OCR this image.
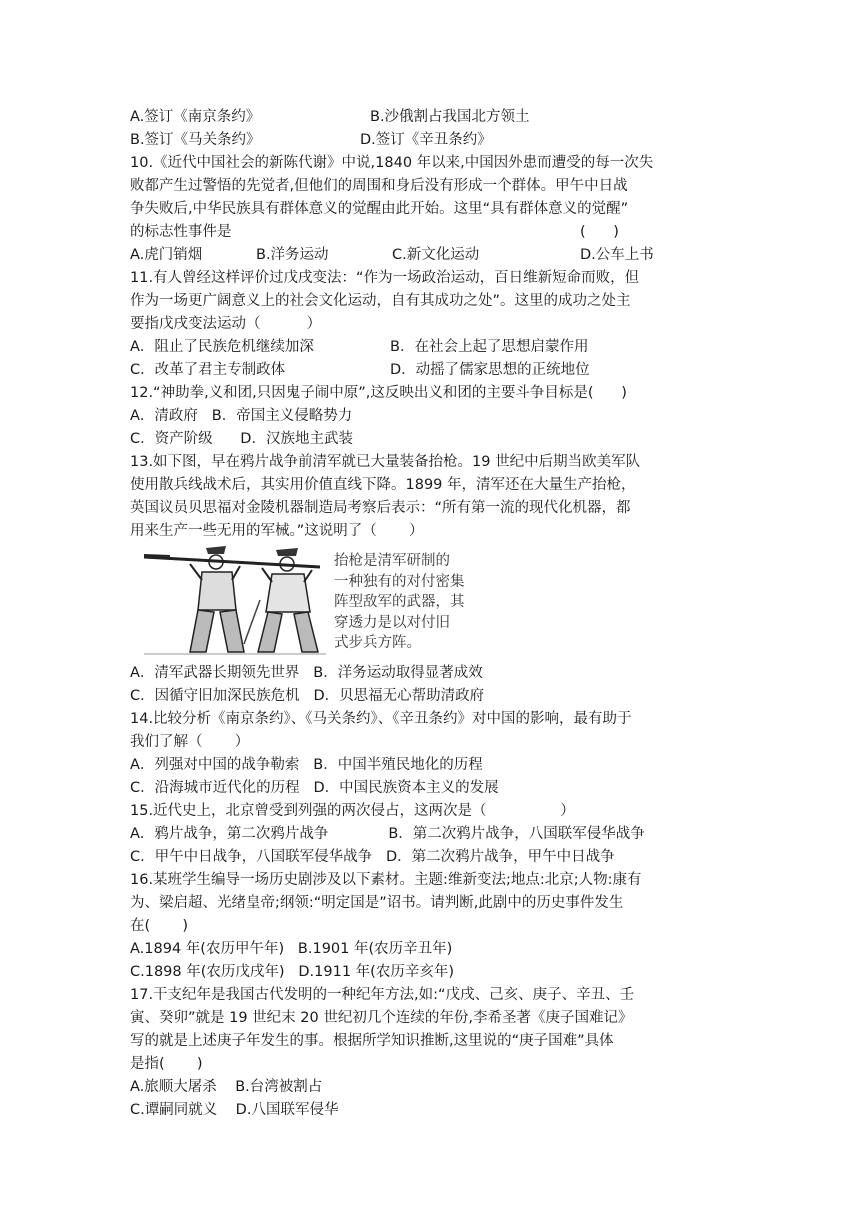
A.签订《南京条约》	B.沙俄割占我国北方领土
B.签订《马关条约》	D.签订《辛丑条约》
10.《近代中国社会的新陈代谢》中说,1840 年以来,中国因外患而遭受的每一次失
败都产生过警悟的先觉者,但他们的周围和身后没有形成一个群体。甲午中日战
争失败后,中华民族具有群体意义的觉醒由此开始。这里“具有群体意义的觉醒”
的标志性事件是	(      )
A.虎门销烟	B.洋务运动	C.新文化运动	D.公车上书
11.有人曾经这样评价过戊戌变法：“作为一场政治运动，百日维新短命而败，但
作为一场更广阔意义上的社会文化运动，自有其成功之处”。这里的成功之处主
要指戊戌变法运动（          ）
A．阻止了民族危机继续加深	B．在社会上起了思想启蒙作用
C．改革了君主专制政体	D．动摇了儒家思想的正统地位
12.“神助拳,义和团,只因鬼子闹中原”,这反映出义和团的主要斗争目标是(      )
A．清政府   B．帝国主义侵略势力
C．资产阶级      D．汉族地主武装
13.如下图，早在鸦片战争前清军就已大量装备抬枪。19 世纪中后期当欧美军队
使用散兵线战术后，其实用价值直线下降。1899 年，清军还在大量生产抬枪，
英国议员贝思福对金陵机器制造局考察后表示：“所有第一流的现代化机器，都
用来生产一些无用的军械。”这说明了（       ）
抬枪是清军研制的
一种独有的对付密集
阵型敌军的武器，其
穿透力是以对付旧
式步兵方阵。
A．清军武器长期领先世界   B．洋务运动取得显著成效
C．因循守旧加深民族危机   D．贝思福无心帮助清政府
14.比较分析《南京条约》、《马关条约》、《辛丑条约》对中国的影响，最有助于
我们了解（       ）
A．列强对中国的战争勒索   B．中国半殖民地化的历程
C．沿海城市近代化的历程   D．中国民族资本主义的发展
15.近代史上，北京曾受到列强的两次侵占，这两次是（                ）
A．鸦片战争，第二次鸦片战争             B．第二次鸦片战争，八国联军侵华战争
C．甲午中日战争，八国联军侵华战争   D．第二次鸦片战争，甲午中日战争
16.某班学生编导一场历史剧涉及以下素材。主题:维新变法;地点:北京;人物:康有
为、梁启超、光绪皇帝;纲领:“明定国是”诏书。请判断,此剧中的历史事件发生
在(       )
A.1894 年(农历甲午年)   B.1901 年(农历辛丑年)
C.1898 年(农历戊戌年)   D.1911 年(农历辛亥年)
17.干支纪年是我国古代发明的一种纪年方法,如:“戊戌、己亥、庚子、辛丑、壬
寅、癸卯”就是 19 世纪末 20 世纪初几个连续的年份,李希圣著《庚子国难记》
写的就是上述庚子年发生的事。根据所学知识推断,这里说的“庚子国难”具体
是指(       )
A.旅顺大屠杀    B.台湾被割占
C.谭嗣同就义    D.八国联军侵华
